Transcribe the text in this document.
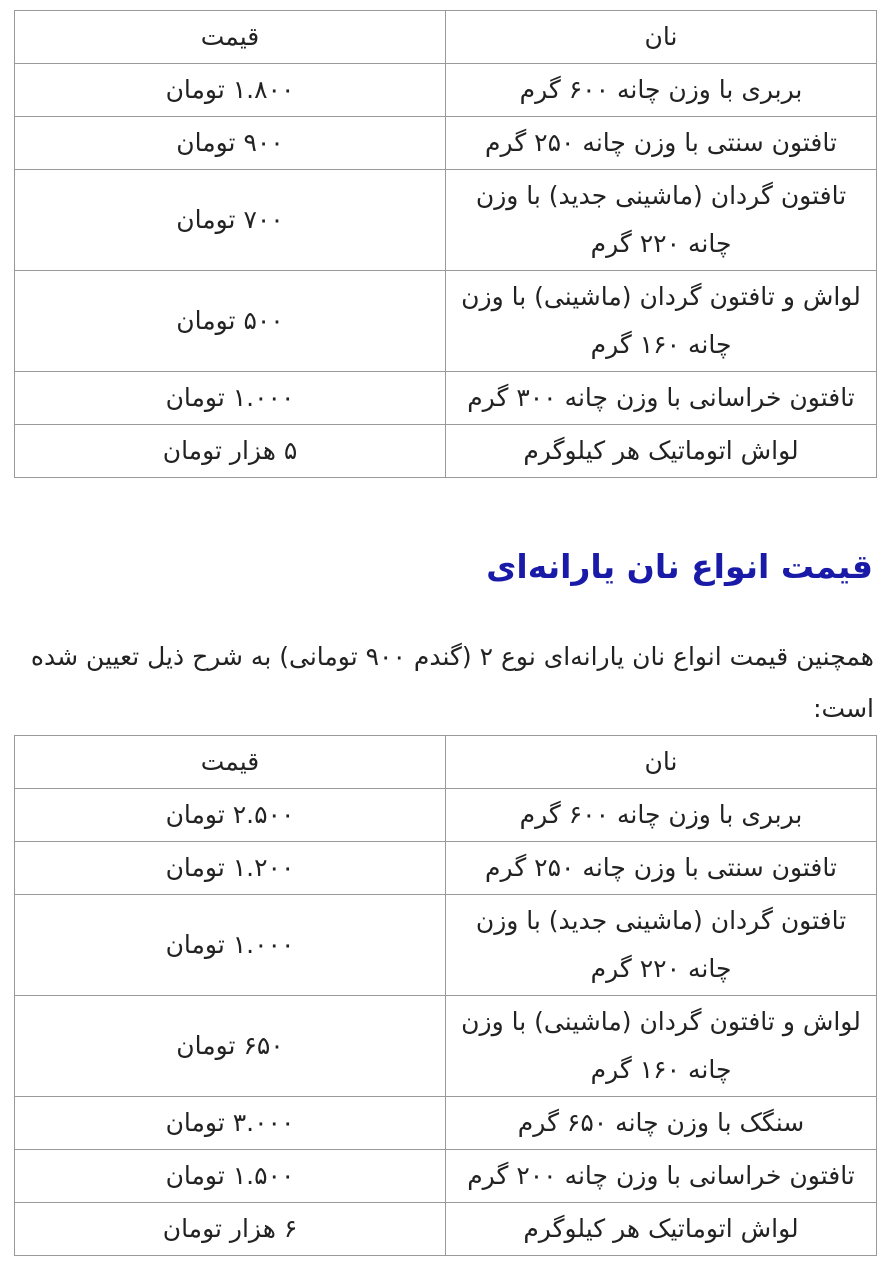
نان	قیمت
بربری با وزن چانه ۶۰۰ گرم	۱.۸۰۰ تومان
تافتون سنتی با وزن چانه ۲۵۰ گرم	۹۰۰ تومان
تافتون گردان (ماشینی جدید) با وزن چانه ۲۲۰ گرم	۷۰۰ تومان
لواش و تافتون گردان (ماشینی) با وزن چانه ۱۶۰ گرم	۵۰۰ تومان
تافتون خراسانی با وزن چانه ۳۰۰ گرم	۱.۰۰۰ تومان
لواش اتوماتیک هر کیلوگرم	۵ هزار تومان
قیمت انواع نان یارانه‌ای

همچنین قیمت انواع نان یارانه‌ای نوع ۲ (گندم ۹۰۰ تومانی) به شرح ذیل تعیین شده است:

نان	قیمت
بربری با وزن چانه ۶۰۰ گرم	۲.۵۰۰ تومان
تافتون سنتی با وزن چانه ۲۵۰ گرم	۱.۲۰۰ تومان
تافتون گردان (ماشینی جدید) با وزن چانه ۲۲۰ گرم	۱.۰۰۰ تومان
لواش و تافتون گردان (ماشینی) با وزن چانه ۱۶۰ گرم	۶۵۰ تومان
سنگک با وزن چانه ۶۵۰ گرم	۳.۰۰۰ تومان
تافتون خراسانی با وزن چانه ۲۰۰ گرم	۱.۵۰۰ تومان
لواش اتوماتیک هر کیلوگرم	۶ هزار تومان
